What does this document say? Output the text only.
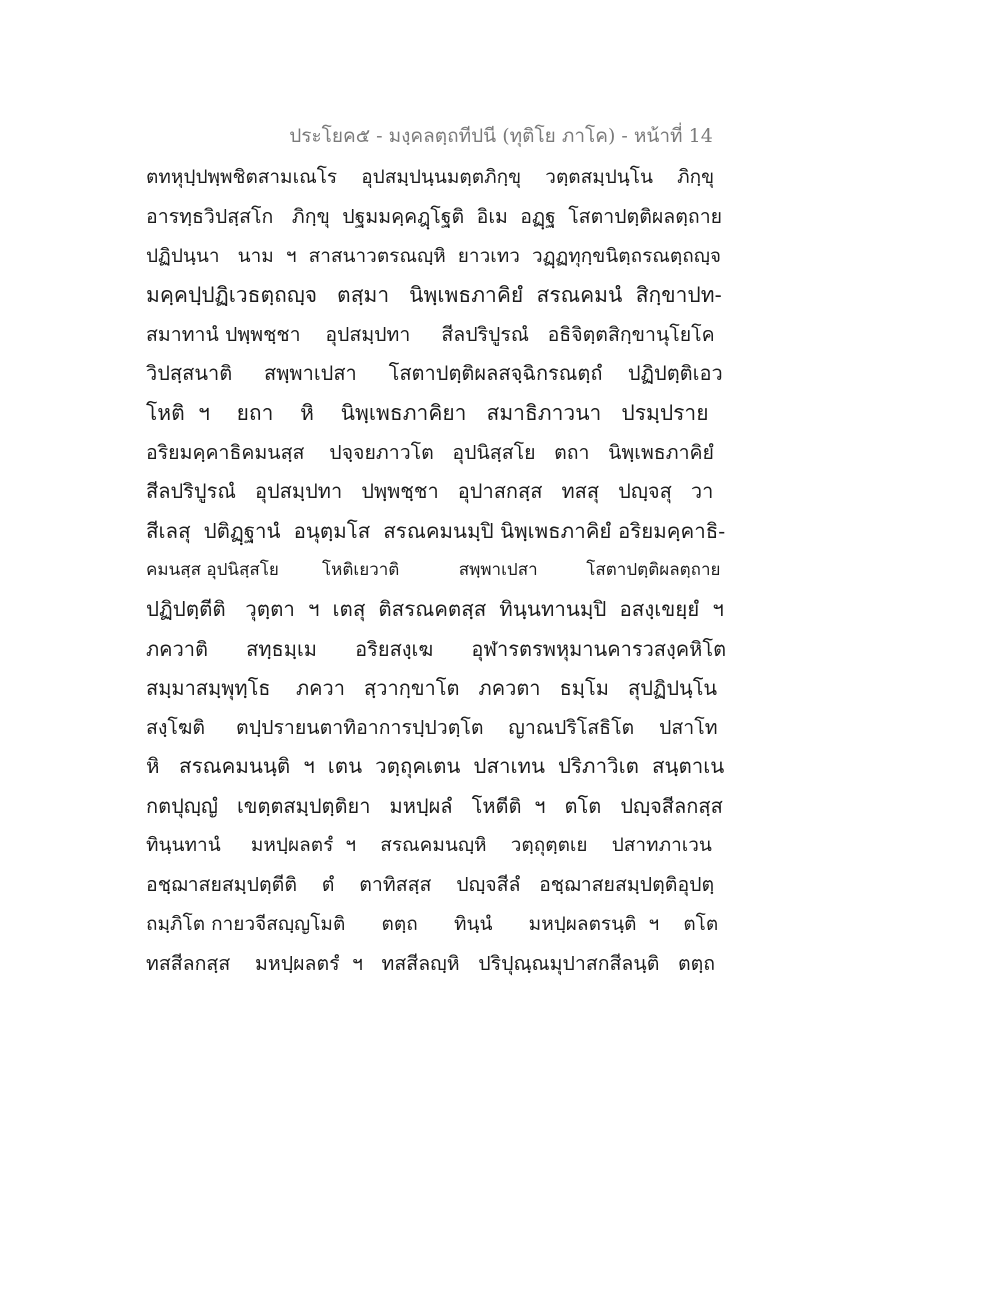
ประโยค๕ - มงฺคลตฺถทีปนี (ทุติโย ภาโค) - หน้าที่ 14
ตทหุปฺปพฺพชิตสามเณโร    อุปสมฺปนฺนมตฺตภิกฺขุ    วตฺตสมฺปนฺโน    ภิกฺขุ
อารทฺธวิปสฺสโก   ภิกฺขุ  ปฐมมคฺคฎฺโฐติ  อิเม  อฏฺฐ  โสตาปตฺติผลตฺถาย
ปฏิปนฺนา   นาม  ฯ  สาสนาวตรณญฺหิ  ยาวเทว  วฏฺฏทุกฺขนิตฺถรณตฺถญฺจ
มคฺคปฺปฏิเวธตฺถญฺจ   ตสฺมา   นิพฺเพธภาคิยํ  สรณคมนํ  สิกฺขาปท-
สมาทานํ ปพฺพชฺชา    อุปสมฺปทา     สีลปริปูรณํ   อธิจิตฺตสิกฺขานุโยโค
วิปสฺสนาติ     สพฺพาเปสา     โสตาปตฺติผลสจฺฉิกรณตฺถํ    ปฏิปตฺติเอว
โหติ  ฯ    ยถา    หิ    นิพฺเพธภาคิยา   สมาธิภาวนา   ปรมฺปราย
อริยมคฺคาธิคมนสฺส    ปจฺจยภาวโต   อุปนิสฺสโย   ตถา   นิพฺเพธภาคิยํ
สีลปริปูรณํ   อุปสมฺปทา   ปพฺพชฺชา   อุปาสกสฺส   ทสสุ   ปญฺจสุ   วา
สีเลสุ  ปติฏฺฐานํ  อนุตฺมโส  สรณคมนมฺปิ นิพฺเพธภาคิยํ อริยมคฺคาธิ-
คมนสฺส อุปนิสฺสโย        โหติเยวาติ           สพฺพาเปสา         โสตาปตฺติผลตฺถาย
ปฏิปตฺตีติ   วุตฺตา  ฯ  เตสุ  ติสรณคตสฺส  ทินฺนทานมฺปิ  อสงฺเขยฺยํ  ฯ
ภควาติ      สทฺธมฺเม      อริยสงฺเฆ      อุฬารตรพหุมานคารวสงฺคหิโต
สมฺมาสมฺพุทฺโธ    ภควา   สฺวากฺขาโต   ภควตา   ธมฺโม   สุปฏิปนฺโน
สงฺโฆติ     ตปฺปรายนตาทิอาการปฺปวตฺโต    ญาณปริโสธิโต    ปสาโท
หิ   สรณคมนนฺติ  ฯ  เตน  วตฺถุคเตน  ปสาเทน  ปริภาวิเต  สนฺตาเน
กตปุญฺญํ   เขตฺตสมฺปตฺติยา   มหปฺผลํ   โหตีติ  ฯ   ตโต   ปญฺจสีลกสฺส
ทินฺนทานํ     มหปฺผลตรํ  ฯ    สรณคมนญฺหิ    วตฺถุตฺตเย    ปสาทภาเวน
อชฺฌาสยสมฺปตฺตีติ    ตํ    ตาทิสสฺส    ปญฺจสีลํ   อชฺฌาสยสมฺปตฺติอุปตฺ
ถมฺภิโต กายวจีสญฺญโมติ      ตตฺถ      ทินฺนํ      มหปฺผลตรนฺติ  ฯ    ตโต
ทสสีลกสฺส    มหปฺผลตรํ  ฯ   ทสสีลญฺหิ   ปริปุณฺณมุปาสกสีลนฺติ   ตตฺถ
